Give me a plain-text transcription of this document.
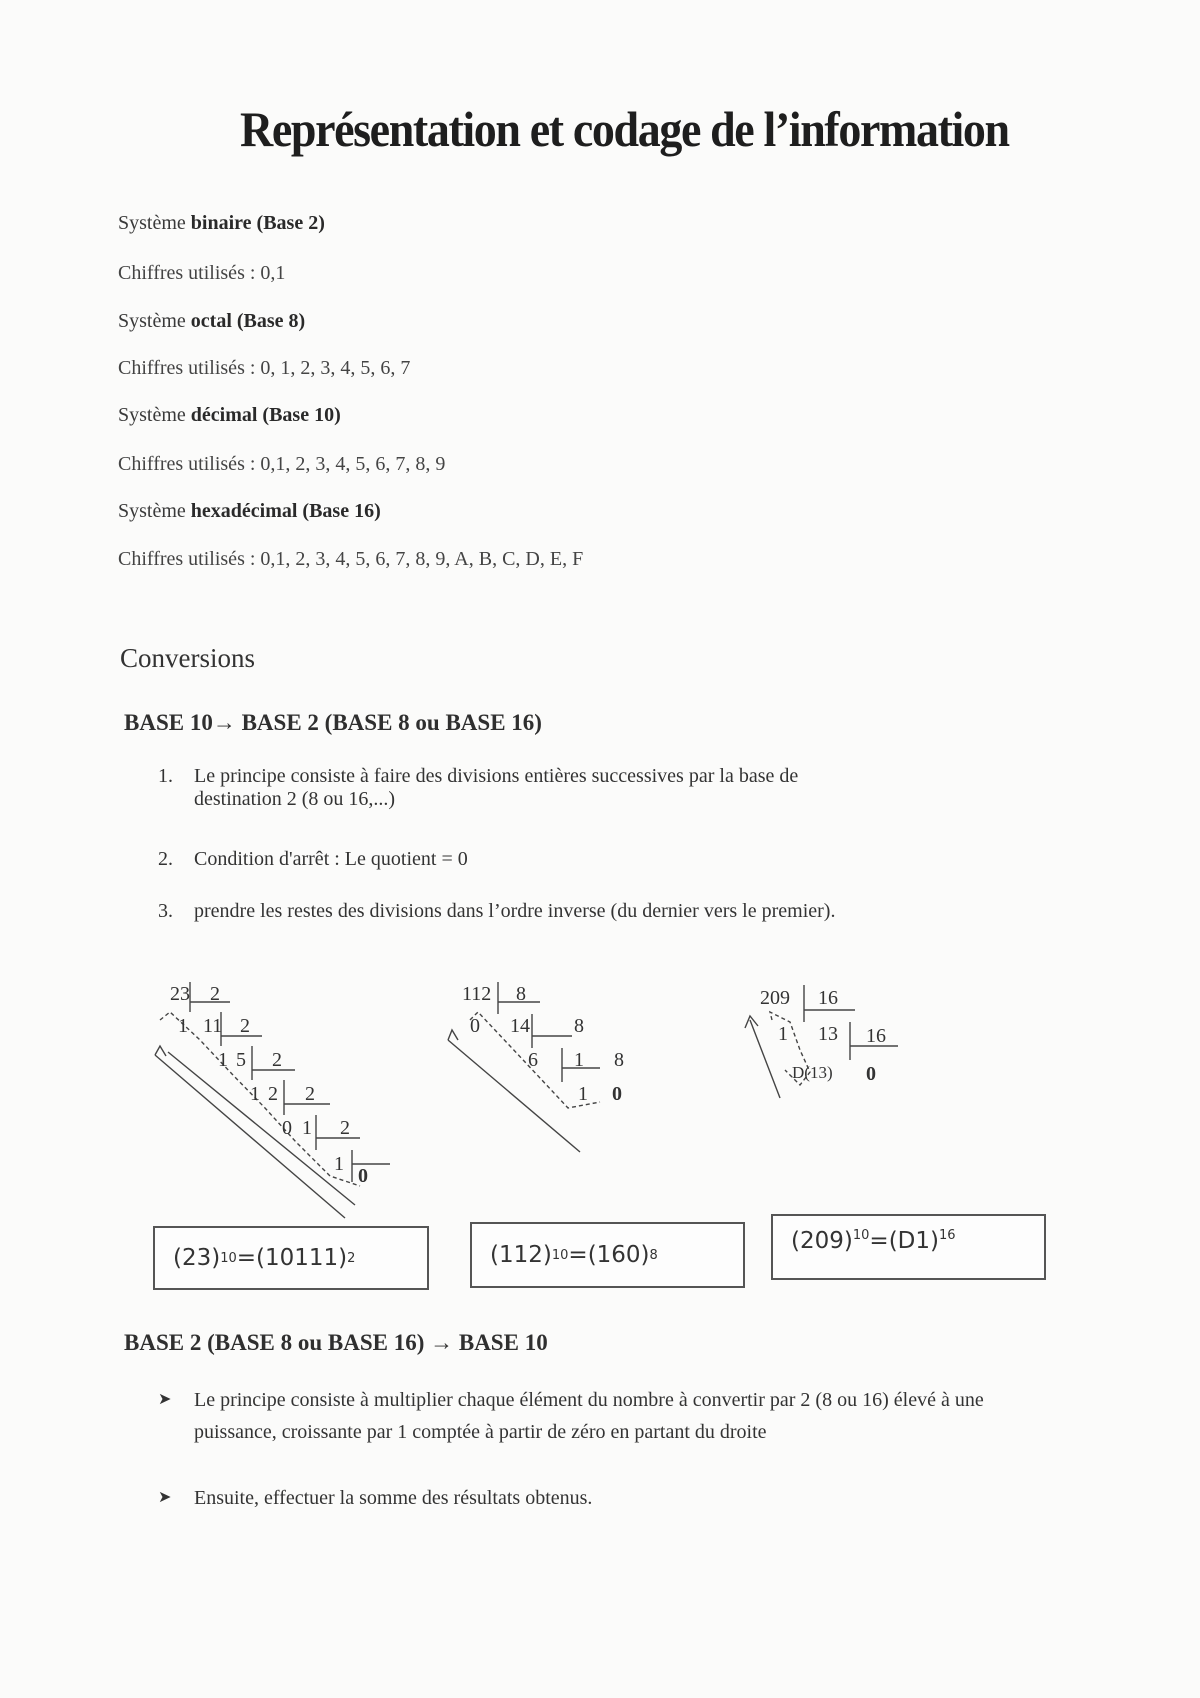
Représentation et codage de l’information
Système binaire (Base 2)
Chiffres utilisés : 0,1
Système octal (Base 8)
Chiffres utilisés : 0, 1, 2, 3, 4, 5, 6, 7
Système décimal (Base 10)
Chiffres utilisés : 0,1, 2, 3, 4, 5, 6, 7, 8, 9
Système hexadécimal (Base 16)
Chiffres utilisés : 0,1, 2, 3, 4, 5, 6, 7, 8, 9, A, B, C, D, E, F
Conversions
BASE 10→ BASE 2 (BASE 8 ou BASE 16)
1. Le principe consiste à faire des divisions entières successives par la base de
destination 2 (8 ou 16,...)
2. Condition d'arrêt : Le quotient = 0
3. prendre les restes des divisions dans l’ordre inverse (du dernier vers le premier).
23 2
1 11 2
1 5 2
1 2 2
0 1 2
1
0
112 8
0 14 8
6 1 8
1 0
209 16
1 13 16
D(13) 0
(23) 10 = (10111) 2	(112) 10 = (160) 8
$(209)^{10} = (D1)^{16}$
BASE 2 (BASE 8 ou BASE 16) → BASE 10
➤ Le principe consiste à multiplier chaque élément du nombre à convertir par 2 (8 ou 16) élevé à une puissance, croissante par 1 comptée à partir de zéro en partant du droite
➤ Ensuite, effectuer la somme des résultats obtenus.
